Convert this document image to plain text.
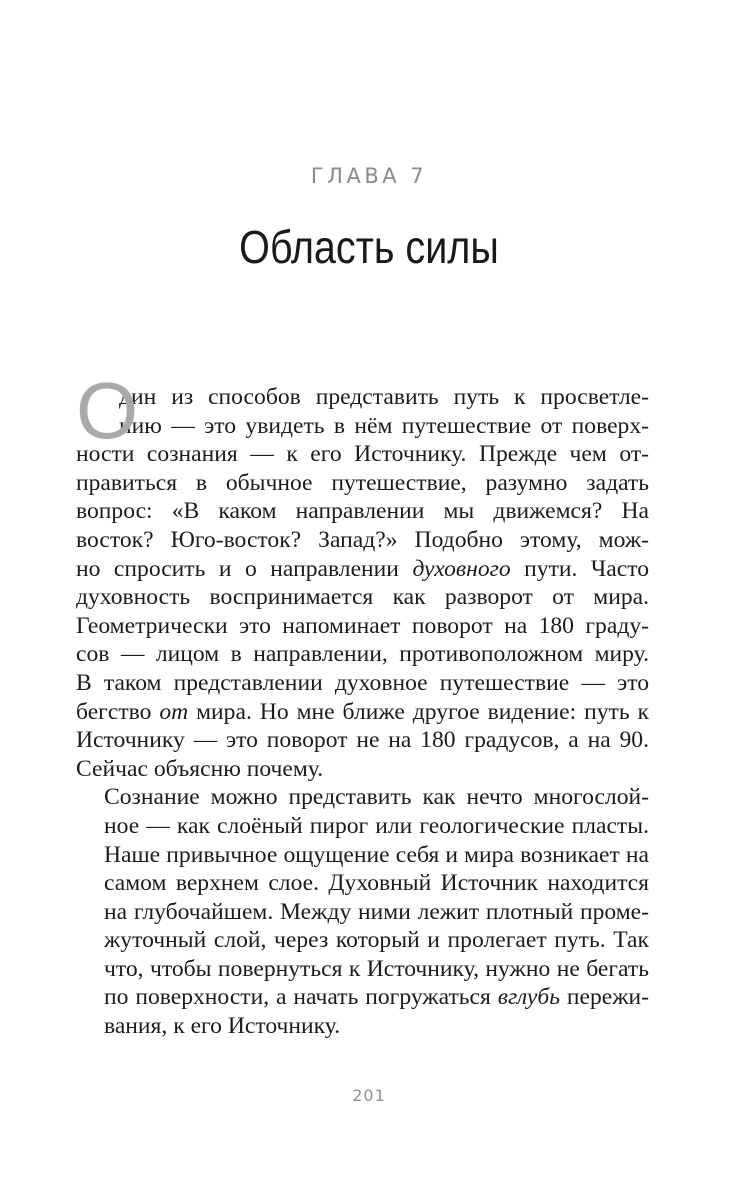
ГЛАВА 7
Область силы
О
дин из способов представить путь к просветле-
нию — это увидеть в нём путешествие от поверх-
ности сознания — к его Источнику. Прежде чем от-
правиться в обычное путешествие, разумно задать
вопрос: «В каком направлении мы движемся? На
восток? Юго-восток? Запад?» Подобно этому, мож-
но спросить и о направлении духовного пути. Часто
духовность воспринимается как разворот от мира.
Геометрически это напоминает поворот на 180 граду-
сов — лицом в направлении, противоположном миру.
В таком представлении духовное путешествие — это
бегство от мира. Но мне ближе другое видение: путь к
Источнику — это поворот не на 180 градусов, а на 90.
Сейчас объясню почему.
Сознание можно представить как нечто многослой-
ное — как слоёный пирог или геологические пласты.
Наше привычное ощущение себя и мира возникает на
самом верхнем слое. Духовный Источник находится
на глубочайшем. Между ними лежит плотный проме-
жуточный слой, через который и пролегает путь. Так
что, чтобы повернуться к Источнику, нужно не бегать
по поверхности, а начать погружаться вглубь пережи-
вания, к его Источнику.
201
